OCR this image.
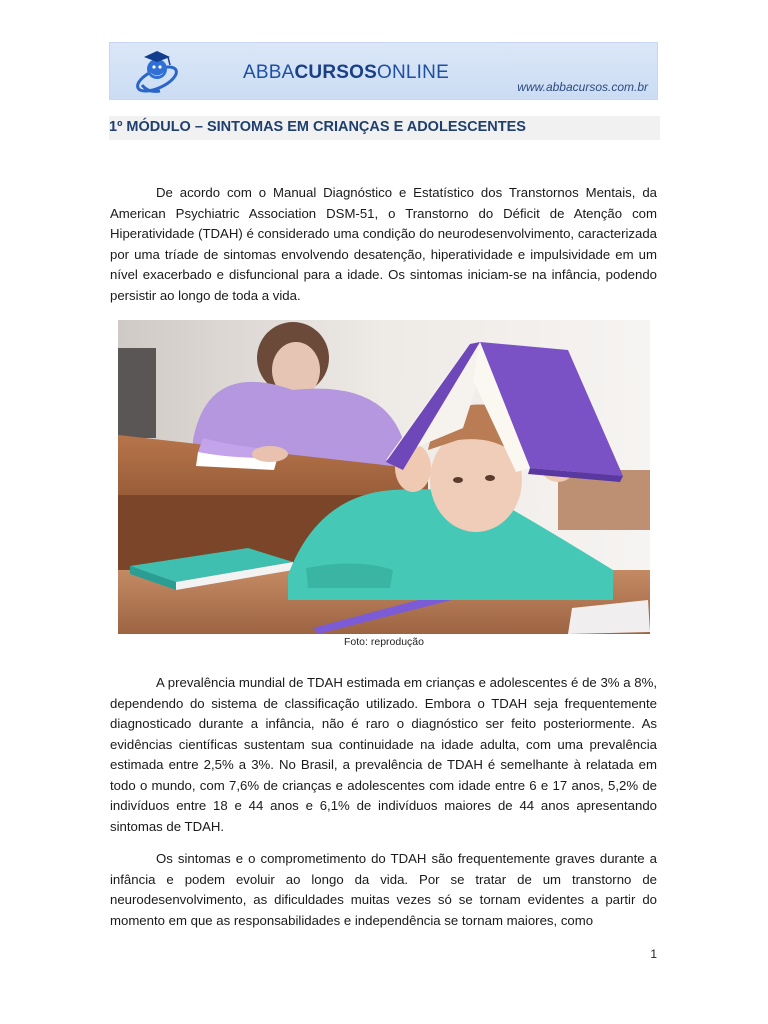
ABBACURSOSONLINE
www.abbacursos.com.br
1º MÓDULO – SINTOMAS EM CRIANÇAS E ADOLESCENTES

De acordo com o Manual Diagnóstico e Estatístico dos Transtornos Mentais, da American Psychiatric Association DSM-51, o Transtorno do Déficit de Atenção com Hiperatividade (TDAH) é considerado uma condição do neurodesenvolvimento, caracterizada por uma tríade de sintomas envolvendo desatenção, hiperatividade e impulsividade em um nível exacerbado e disfuncional para a idade. Os sintomas iniciam-se na infância, podendo persistir ao longo de toda a vida.

Foto: reprodução

A prevalência mundial de TDAH estimada em crianças e adolescentes é de 3% a 8%, dependendo do sistema de classificação utilizado. Embora o TDAH seja frequentemente diagnosticado durante a infância, não é raro o diagnóstico ser feito posteriormente. As evidências científicas sustentam sua continuidade na idade adulta, com uma prevalência estimada entre 2,5% a 3%. No Brasil, a prevalência de TDAH é semelhante à relatada em todo o mundo, com 7,6% de crianças e adolescentes com idade entre 6 e 17 anos, 5,2% de indivíduos entre 18 e 44 anos e 6,1% de indivíduos maiores de 44 anos apresentando sintomas de TDAH.

Os sintomas e o comprometimento do TDAH são frequentemente graves durante a infância e podem evoluir ao longo da vida. Por se tratar de um transtorno de neurodesenvolvimento, as dificuldades muitas vezes só se tornam evidentes a partir do momento em que as responsabilidades e independência se tornam maiores, como

1
